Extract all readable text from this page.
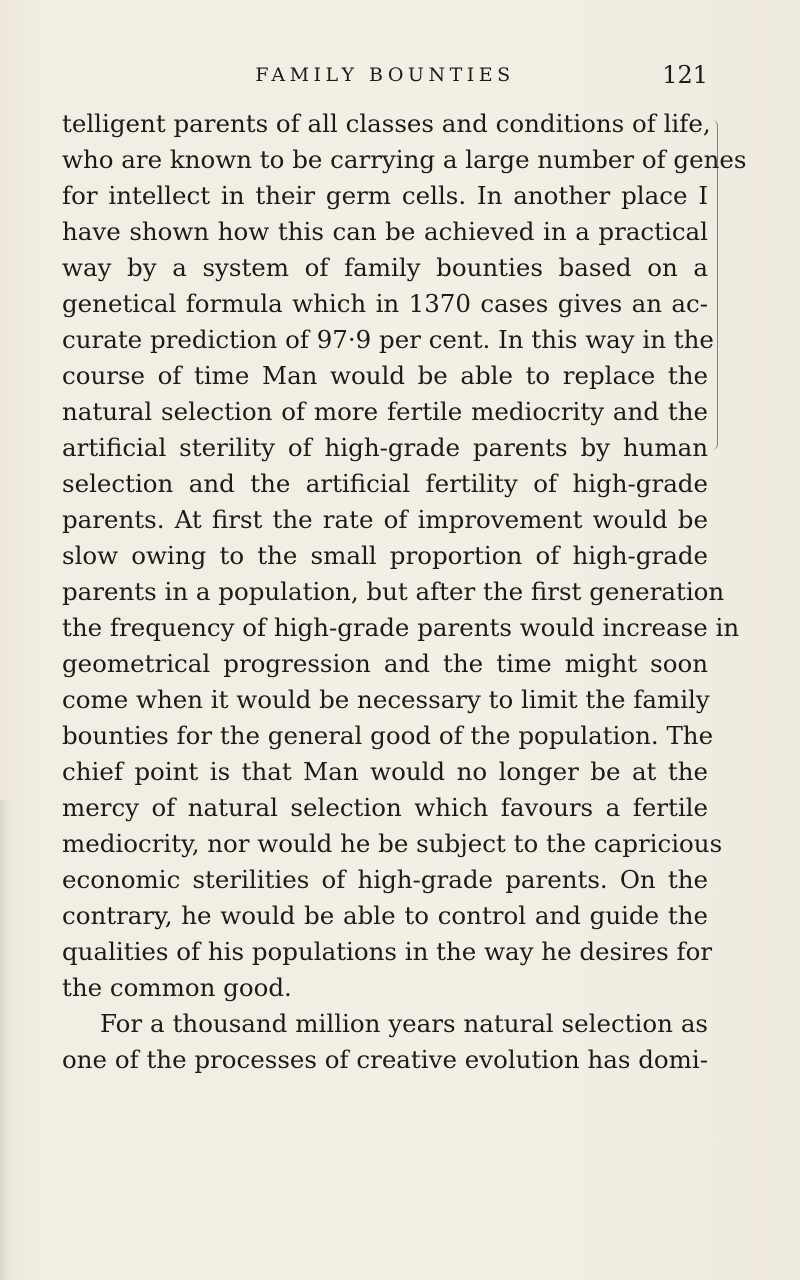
FAMILY BOUNTIES	121
telligent parents of all classes and conditions of life,
who are known to be carrying a large number of genes
for intellect in their germ cells. In another place I
have shown how this can be achieved in a practical
way by a system of family bounties based on a
genetical formula which in 1370 cases gives an ac-
curate prediction of 97·9 per cent. In this way in the
course of time Man would be able to replace the
natural selection of more fertile mediocrity and the
artificial sterility of high-grade parents by human
selection and the artificial fertility of high-grade
parents. At first the rate of improvement would be
slow owing to the small proportion of high-grade
parents in a population, but after the first generation
the frequency of high-grade parents would increase in
geometrical progression and the time might soon
come when it would be necessary to limit the family
bounties for the general good of the population. The
chief point is that Man would no longer be at the
mercy of natural selection which favours a fertile
mediocrity, nor would he be subject to the capricious
economic sterilities of high-grade parents. On the
contrary, he would be able to control and guide the
qualities of his populations in the way he desires for
the common good.
For a thousand million years natural selection as
one of the processes of creative evolution has domi-
